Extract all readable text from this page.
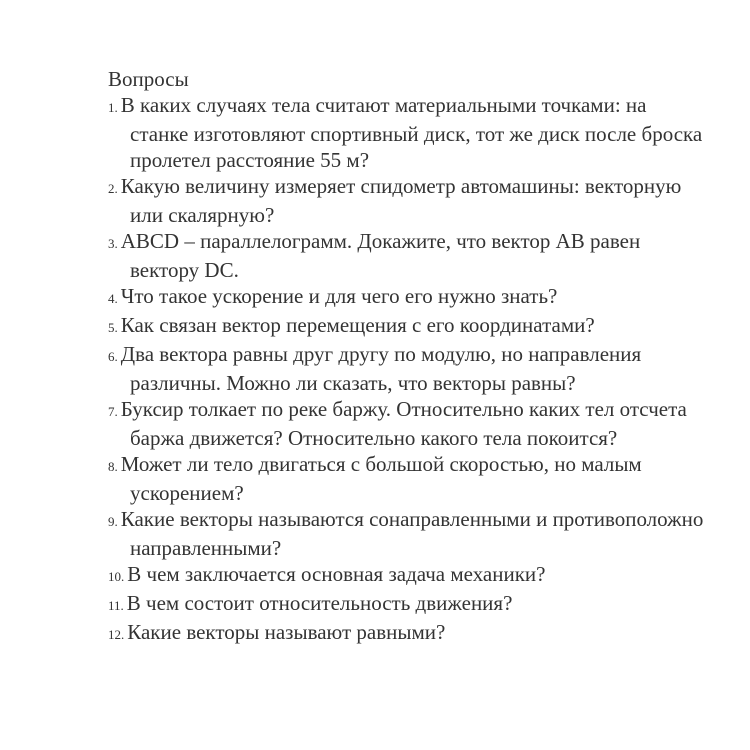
Вопросы
1. В каких случаях тела считают материальными точками: на станке изготовляют спортивный диск, тот же диск после броска пролетел расстояние 55 м?
2. Какую величину измеряет спидометр автомашины: векторную или скалярную?
3. ABCD – параллелограмм. Докажите, что вектор АВ равен вектору DC.
4. Что такое ускорение и для чего его нужно знать?
5. Как связан вектор перемещения с его координатами?
6. Два вектора равны друг другу по модулю, но направления различны. Можно ли сказать, что векторы равны?
7. Буксир толкает по реке баржу. Относительно каких тел отсчета баржа движется? Относительно какого тела покоится?
8. Может ли тело двигаться с большой скоростью, но малым ускорением?
9. Какие векторы называются сонаправленными и противоположно направленными?
10. В чем заключается основная задача механики?
11. В чем состоит относительность движения?
12. Какие векторы называют равными?
